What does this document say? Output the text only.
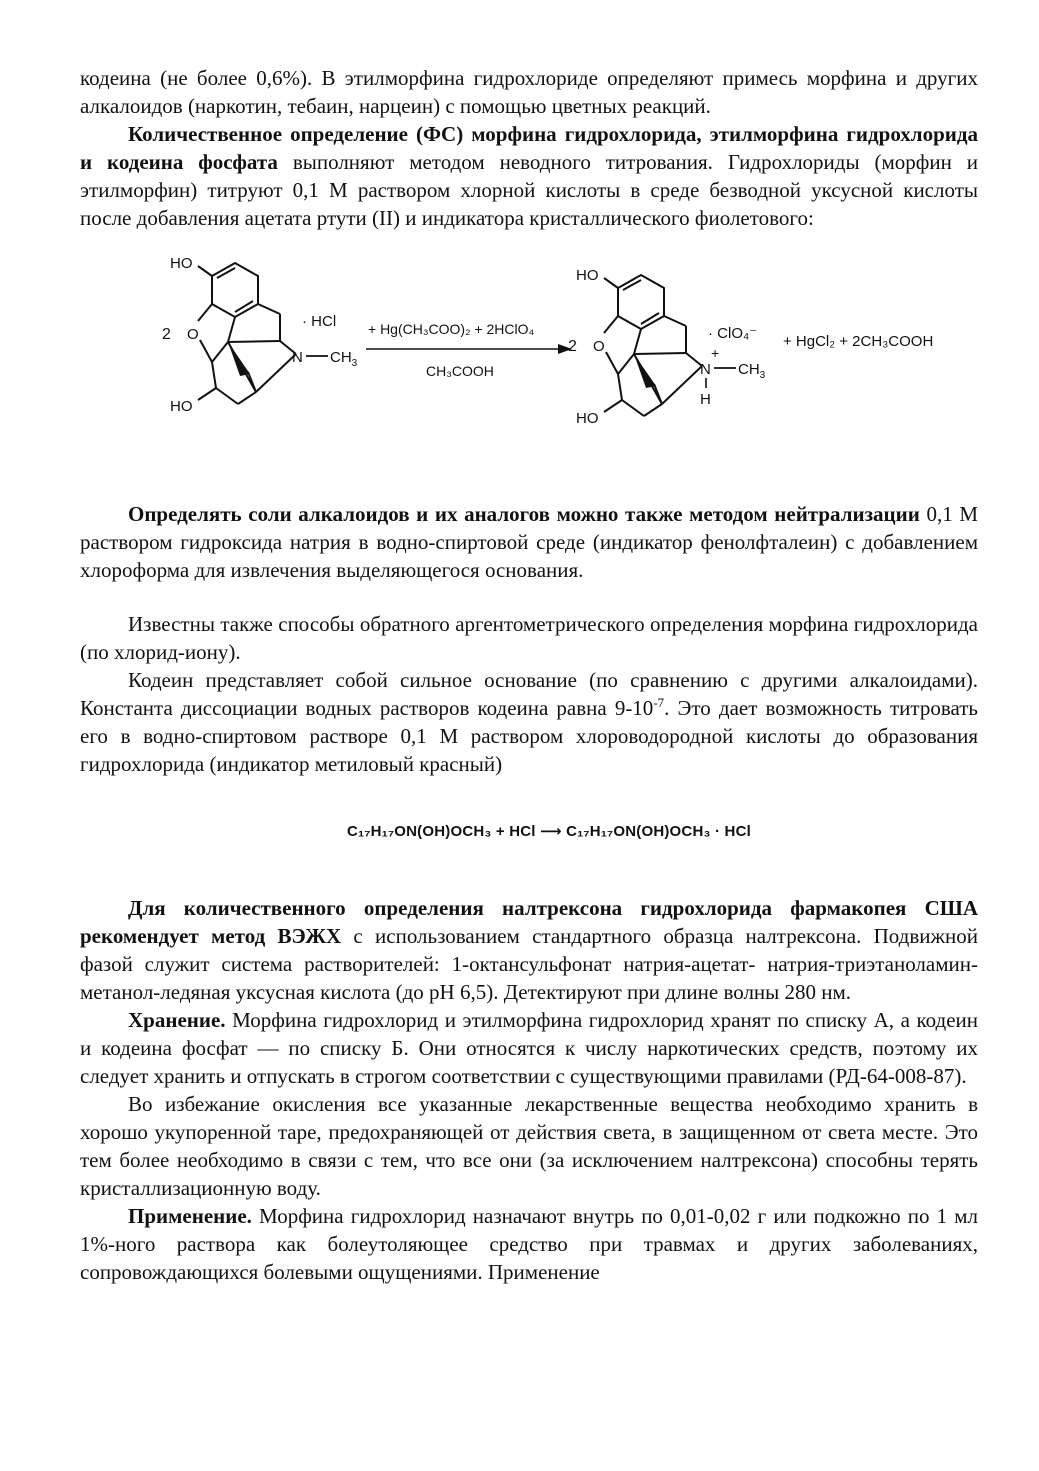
кодеина (не более 0,6%). В этилморфина гидрохлориде определяют примесь морфина и других алкалоидов (наркотин, тебаин, нарцеин) с помощью цветных реакций.

Количественное определение (ФС) морфина гидрохлорида, этилморфина гидрохлорида и кодеина фосфата выполняют методом неводного титрования. Гидрохлориды (морфин и этилморфин) титруют 0,1 М раствором хлорной кислоты в среде безводной уксусной кислоты после добавления ацетата ртути (II) и индикатора кристаллического фиолетового:

HO
O
2
HO
· HCl
N $CH_3$
+ Hg(CH₃COO)₂ + 2HClO₄
CH₃COOH
HO
O
2
HO
· ClO₄⁻
+
N $CH_3$
H
+ HgCl₂ + 2CH₃COOH

Определять соли алкалоидов и их аналогов можно также методом нейтрализации 0,1 М раствором гидроксида натрия в водно-спиртовой среде (индикатор фенолфталеин) с добавлением хлороформа для извлечения выделяющегося основания.

Известны также способы обратного аргентометрического определения морфина гидрохлорида (по хлорид-иону).

Кодеин представляет собой сильное основание (по сравнению с другими алкалоидами). Константа диссоциации водных растворов кодеина равна $9-10^{-7}$. Это дает возможность титровать его в водно-спиртовом растворе 0,1 М раствором хлороводородной кислоты до образования гидрохлорида (индикатор метиловый красный)

C₁₇H₁₇ON(OH)OCH₃ + HCl ⟶ C₁₇H₁₇ON(OH)OCH₃ · HCl

Для количественного определения налтрексона гидрохлорида фармакопея США рекомендует метод ВЭЖХ с использованием стандартного образца налтрексона. Подвижной фазой служит система растворителей: 1-октансульфонат натрия-ацетат- натрия-триэтаноламин-метанол-ледяная уксусная кислота (до pH 6,5). Детектируют при длине волны 280 нм.

Хранение. Морфина гидрохлорид и этилморфина гидрохлорид хранят по списку А, а кодеин и кодеина фосфат — по списку Б. Они относятся к числу наркотических средств, поэтому их следует хранить и отпускать в строгом соответствии с существующими правилами (РД-64-008-87).

Во избежание окисления все указанные лекарственные вещества необходимо хранить в хорошо укупоренной таре, предохраняющей от действия света, в защищенном от света месте. Это тем более необходимо в связи с тем, что все они (за исключением налтрексона) способны терять кристаллизационную воду.

Применение. Морфина гидрохлорид назначают внутрь по 0,01-0,02 г или подкожно по 1 мл 1%-ного раствора как болеутоляющее средство при травмах и других заболеваниях, сопровождающихся болевыми ощущениями. Применение
